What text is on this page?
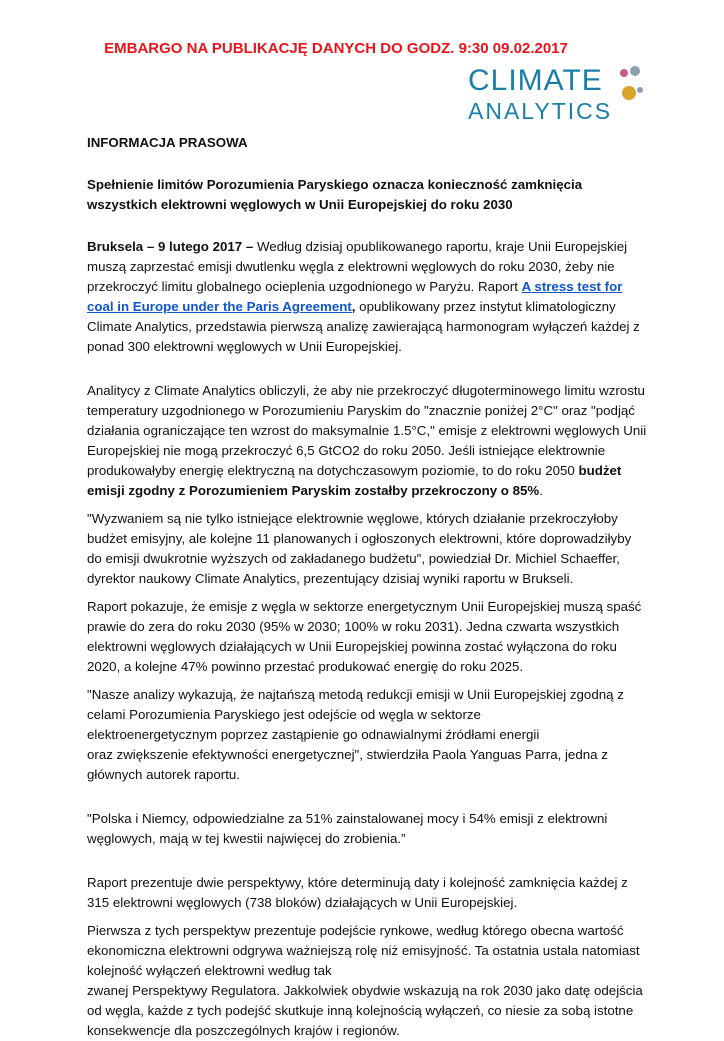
EMBARGO NA PUBLIKACJĘ DANYCH DO GODZ. 9:30 09.02.2017
CLIMATE
ANALYTICS

INFORMACJA PRASOWA

Spełnienie limitów Porozumienia Paryskiego oznacza konieczność zamknięcia wszystkich elektrowni węglowych w Unii Europejskiej do roku 2030

Bruksela – 9 lutego 2017 – Według dzisiaj opublikowanego raportu, kraje Unii Europejskiej muszą zaprzestać emisji dwutlenku węgla z elektrowni węglowych do roku 2030, żeby nie przekroczyć limitu globalnego ocieplenia uzgodnionego w Paryżu. Raport A stress test for coal in Europe under the Paris Agreement, opublikowany przez instytut klimatologiczny Climate Analytics, przedstawia pierwszą analizę zawierającą harmonogram wyłączeń każdej z ponad 300 elektrowni węglowych w Unii Europejskiej.

Analitycy z Climate Analytics obliczyli, że aby nie przekroczyć długoterminowego limitu wzrostu temperatury uzgodnionego w Porozumieniu Paryskim do "znacznie poniżej 2°C" oraz "podjąć działania ograniczające ten wzrost do maksymalnie 1.5°C," emisje z elektrowni węglowych Unii Europejskiej nie mogą przekroczyć 6,5 GtCO2 do roku 2050. Jeśli istniejące elektrownie produkowałyby energię elektryczną na dotychczasowym poziomie, to do roku 2050 budżet emisji zgodny z Porozumieniem Paryskim zostałby przekroczony o 85%.

"Wyzwaniem są nie tylko istniejące elektrownie węglowe, których działanie przekroczyłoby budżet emisyjny, ale kolejne 11 planowanych i ogłoszonych elektrowni, które doprowadziłyby do emisji dwukrotnie wyższych od zakładanego budżetu", powiedział Dr. Michiel Schaeffer, dyrektor naukowy Climate Analytics, prezentujący dzisiaj wyniki raportu w Brukseli.

Raport pokazuje, że emisje z węgla w sektorze energetycznym Unii Europejskiej muszą spaść prawie do zera do roku 2030 (95% w 2030; 100% w roku 2031). Jedna czwarta wszystkich elektrowni węglowych działających w Unii Europejskiej powinna zostać wyłączona do roku 2020, a kolejne 47% powinno przestać produkować energię do roku 2025.

"Nasze analizy wykazują, że najtańszą metodą redukcji emisji w Unii Europejskiej zgodną z celami Porozumienia Paryskiego jest odejście od węgla w sektorze
elektroenergetycznym poprzez zastąpienie go odnawialnymi źródłami energii
oraz zwiększenie efektywności energetycznej", stwierdziła Paola Yanguas Parra, jedna z głównych autorek raportu.

"Polska i Niemcy, odpowiedzialne za 51% zainstalowanej mocy i 54% emisji z elektrowni węglowych, mają w tej kwestii najwięcej do zrobienia.”

Raport prezentuje dwie perspektywy, które determinują daty i kolejność zamknięcia każdej z 315 elektrowni węglowych (738 bloków) działających w Unii Europejskiej.

Pierwsza z tych perspektyw prezentuje podejście rynkowe, według którego obecna wartość ekonomiczna elektrowni odgrywa ważniejszą rolę niż emisyjność. Ta ostatnia ustala natomiast kolejność wyłączeń elektrowni według tak
zwanej Perspektywy Regulatora. Jakkolwiek obydwie wskazują na rok 2030 jako datę odejścia od węgla, każde z tych podejść skutkuje inną kolejnością wyłączeń, co niesie za sobą istotne konsekwencje dla poszczególnych krajów i regionów.
